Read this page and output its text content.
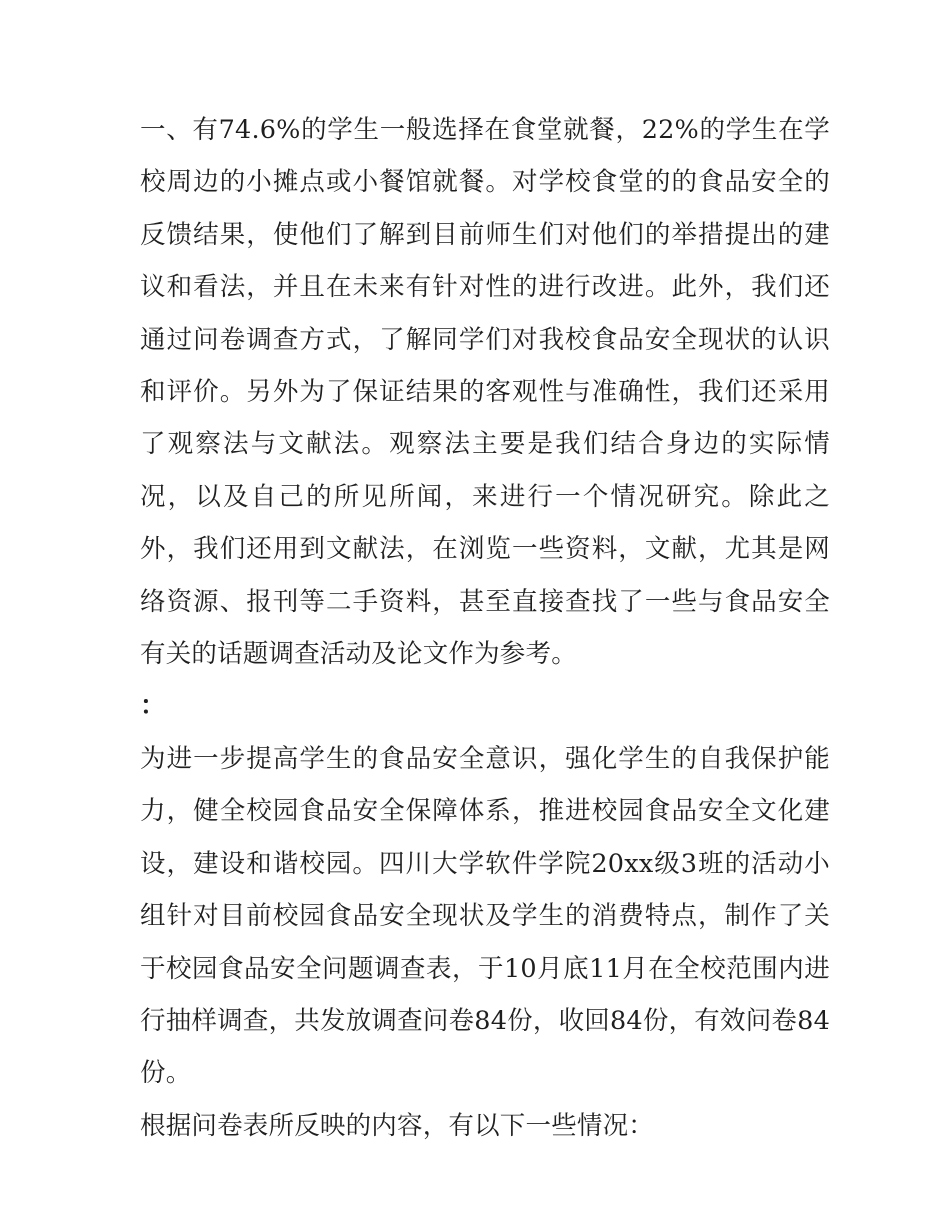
一、有74.6%的学生一般选择在食堂就餐，22%的学生在学校周边的小摊点或小餐馆就餐。对学校食堂的的食品安全的反馈结果，使他们了解到目前师生们对他们的举措提出的建议和看法，并且在未来有针对性的进行改进。此外，我们还通过问卷调查方式，了解同学们对我校食品安全现状的认识和评价。另外为了保证结果的客观性与准确性，我们还采用了观察法与文献法。观察法主要是我们结合身边的实际情况，以及自己的所见所闻，来进行一个情况研究。除此之外，我们还用到文献法，在浏览一些资料，文献，尤其是网络资源、报刊等二手资料，甚至直接查找了一些与食品安全有关的话题调查活动及论文作为参考。

：

为进一步提高学生的食品安全意识，强化学生的自我保护能力，健全校园食品安全保障体系，推进校园食品安全文化建设，建设和谐校园。四川大学软件学院20xx级3班的活动小组针对目前校园食品安全现状及学生的消费特点，制作了关于校园食品安全问题调查表，于10月底11月在全校范围内进行抽样调查，共发放调查问卷84份，收回84份，有效问卷84份。

根据问卷表所反映的内容，有以下一些情况：
